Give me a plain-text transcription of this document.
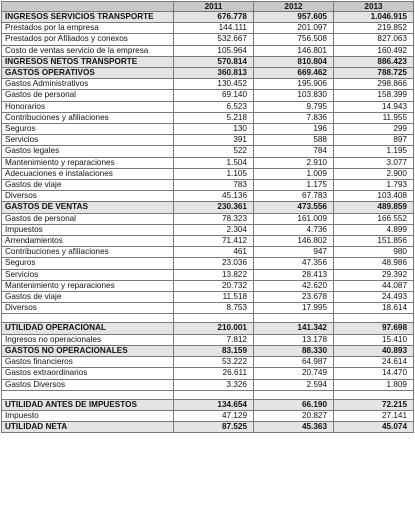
	2011	2012	2013
INGRESOS SERVICIOS TRANSPORTE	676.778	957.605	1.046.915
Prestados por la empresa	144.111	201.097	219.852
Prestados por Afiliados y conexos	532.667	756.508	827.063
Costo de ventas servicio de la empresa	105.964	146.801	160.492
INGRESOS NETOS TRANSPORTE	570.814	810.804	886.423
GASTOS OPERATIVOS	360.813	669.462	788.725
Gastos Administrativos	130.452	195.906	298.866
Gastos de personal	69.140	103.830	158.399
Honorarios	6.523	9.795	14.943
Contribuciones y afiliaciones	5.218	7.836	11.955
Seguros	130	196	299
Servicios	391	588	897
Gastos legales	522	784	1.195
Mantenimiento y reparaciones	1.504	2.910	3.077
Adecuaciones e instalaciones	1.105	1.009	2.900
Gastos de viaje	783	1.175	1.793
Diversos	45.136	67.783	103.408
GASTOS DE VENTAS	230.361	473.556	489.859
Gastos de personal	78.323	161.009	166.552
Impuestos	2.304	4.736	4.899
Arrendamientos	71.412	146.802	151.856
Contribuciones y afiliaciones	461	947	980
Seguros	23.036	47.356	48.986
Servicios	13.822	28.413	29.392
Mantenimiento y reparaciones	20.732	42.620	44.087
Gastos de viaje	11.518	23.678	24.493
Diversos	8.753	17.995	18.614

UTILIDAD OPERACIONAL	210.001	141.342	97.698
Ingresos no operacionales	7.812	13.178	15.410
GASTOS NO OPERACIONALES	83.159	88.330	40.893
Gastos financieros	53.222	64.987	24.614
Gastos extraordinarios	26.611	20.749	14.470
Gastos Diversos	3.326	2.594	1.809

UTILIDAD ANTES DE IMPUESTOS	134.654	66.190	72.215
Impuesto	47.129	20.827	27.141
UTILIDAD NETA	87.525	45.363	45.074
